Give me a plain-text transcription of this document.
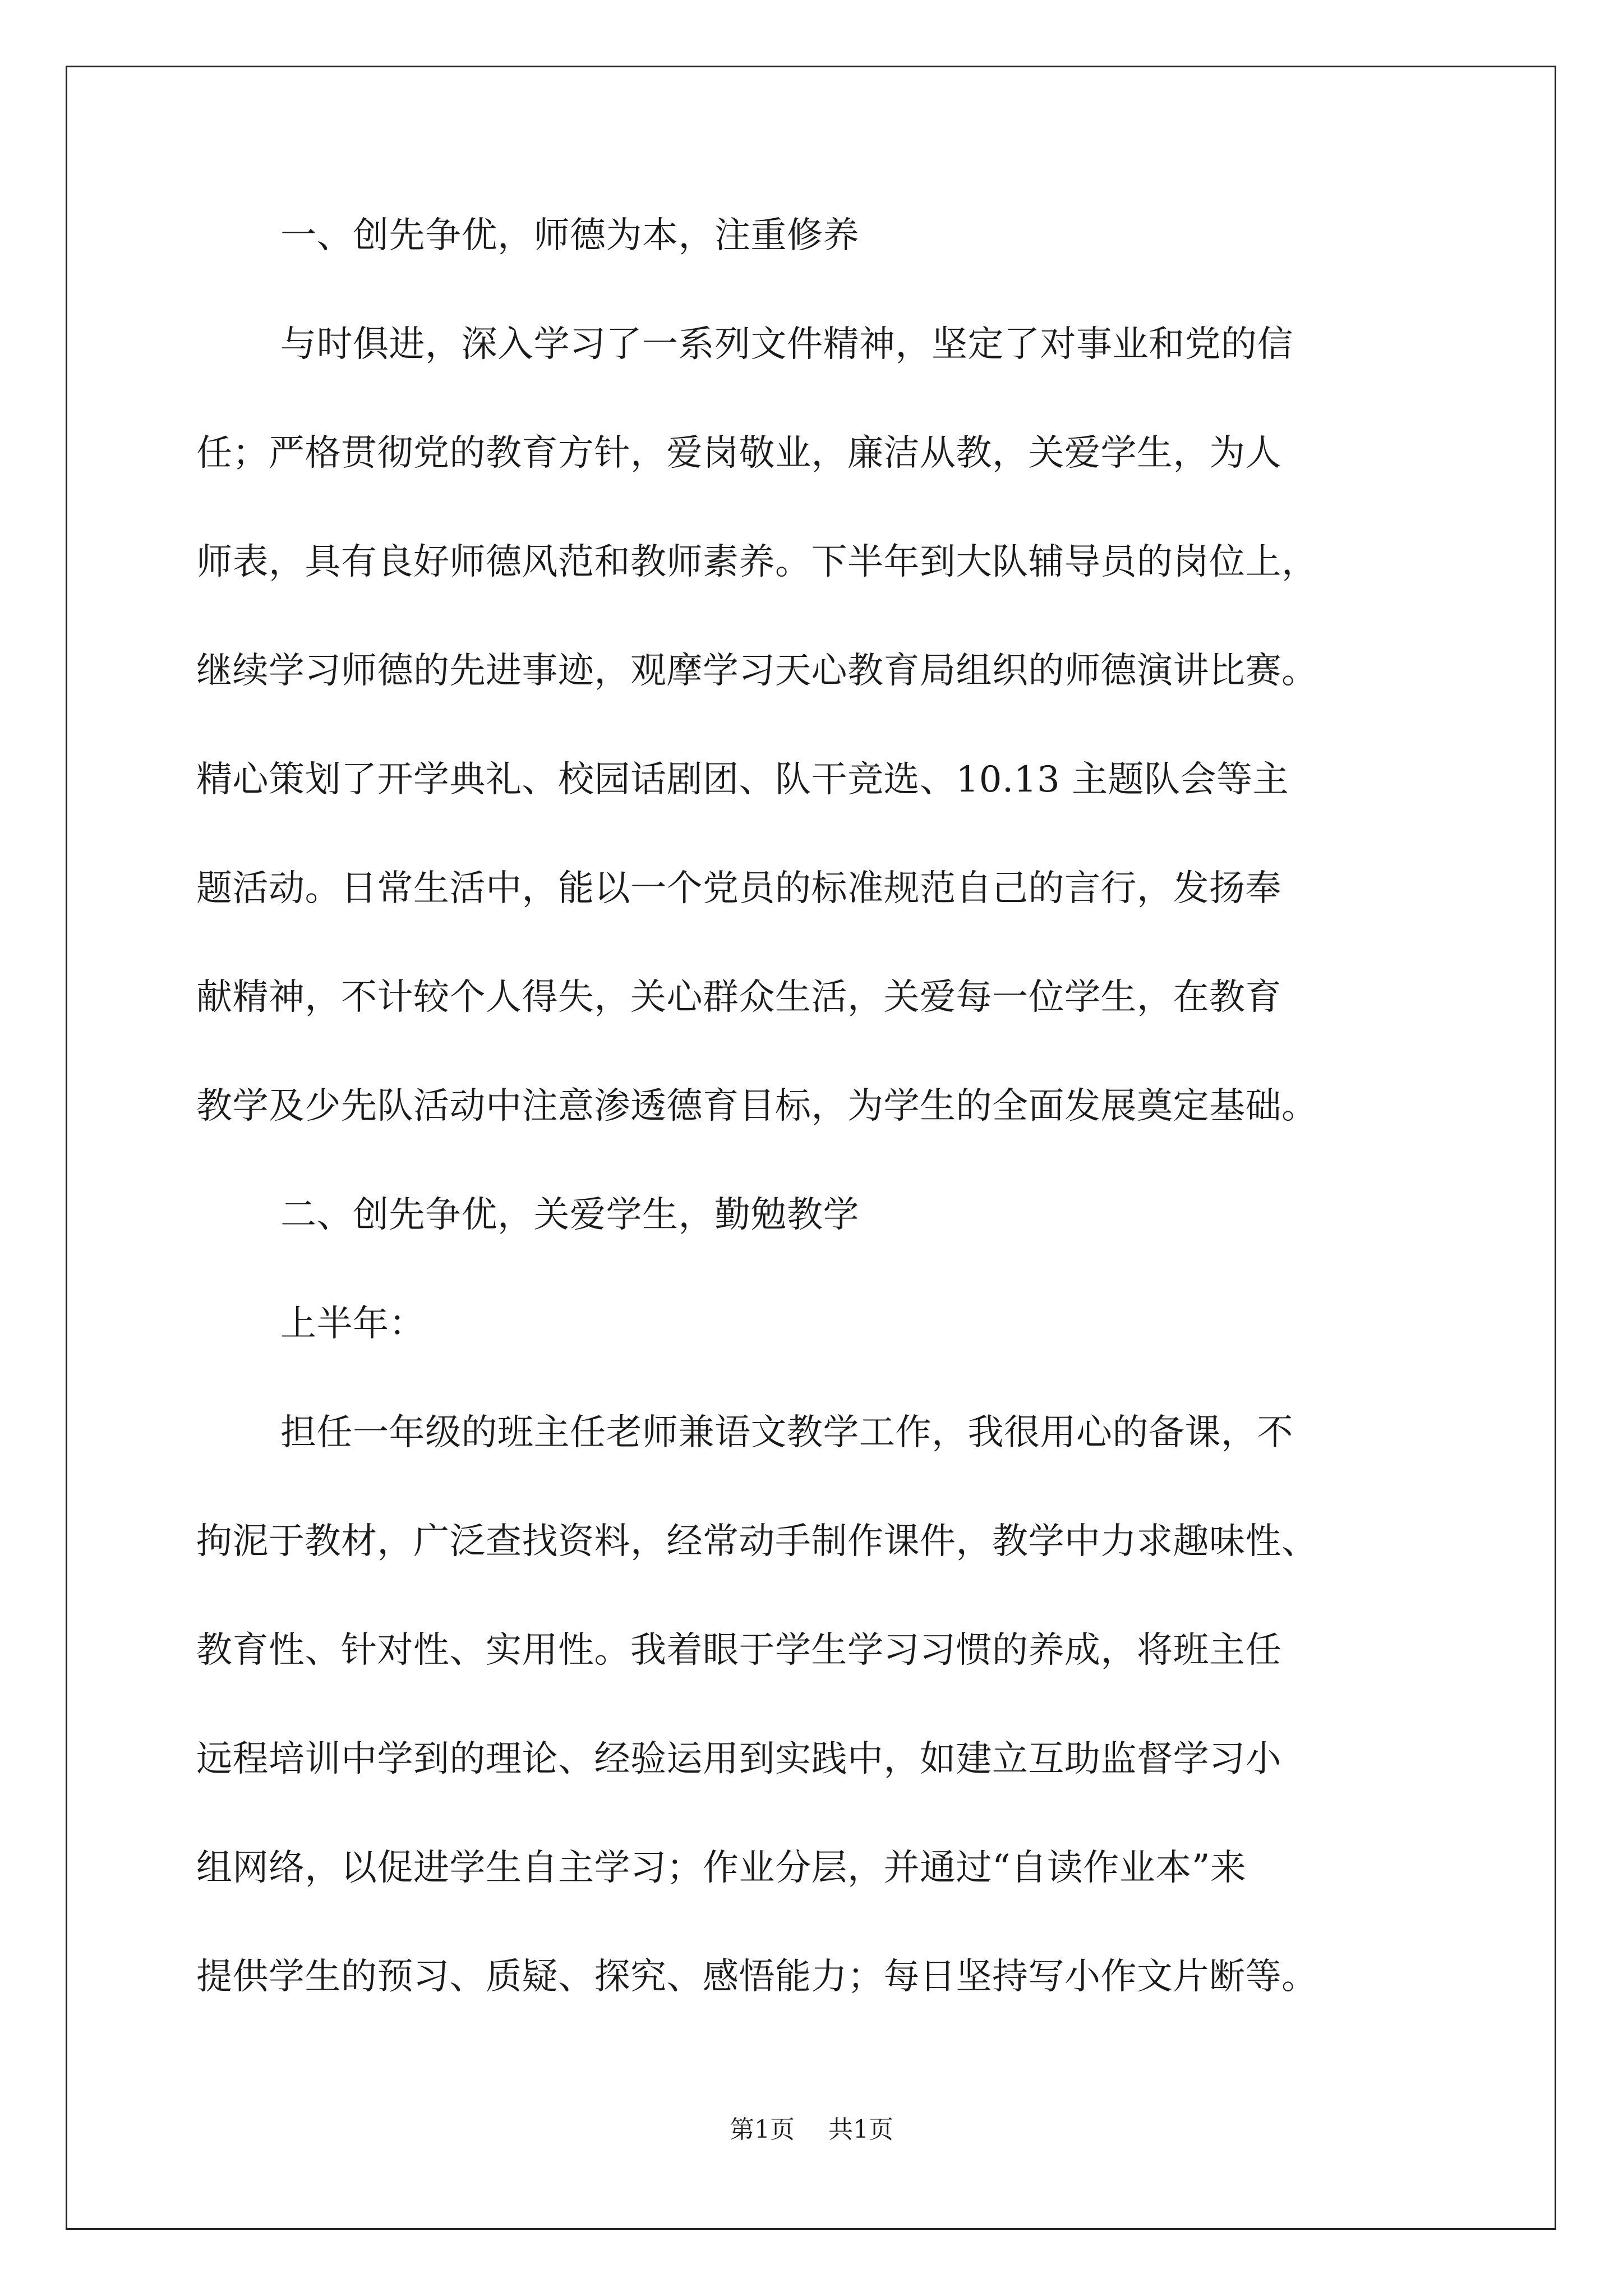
一、创先争优，师德为本，注重修养
与时俱进，深入学习了一系列文件精神，坚定了对事业和党的信
任；严格贯彻党的教育方针，爱岗敬业，廉洁从教，关爱学生，为人
师表，具有良好师德风范和教师素养。下半年到大队辅导员的岗位上，
继续学习师德的先进事迹，观摩学习天心教育局组织的师德演讲比赛。
精心策划了开学典礼、校园话剧团、队干竞选、10.13 主题队会等主
题活动。日常生活中，能以一个党员的标准规范自己的言行，发扬奉
献精神，不计较个人得失，关心群众生活，关爱每一位学生，在教育
教学及少先队活动中注意渗透德育目标，为学生的全面发展奠定基础。
二、创先争优，关爱学生，勤勉教学
上半年：
担任一年级的班主任老师兼语文教学工作，我很用心的备课，不
拘泥于教材，广泛查找资料，经常动手制作课件，教学中力求趣味性、
教育性、针对性、实用性。我着眼于学生学习习惯的养成，将班主任
远程培训中学到的理论、经验运用到实践中，如建立互助监督学习小
组网络，以促进学生自主学习；作业分层，并通过“自读作业本”来
提供学生的预习、质疑、探究、感悟能力；每日坚持写小作文片断等。
第1页 共1页
